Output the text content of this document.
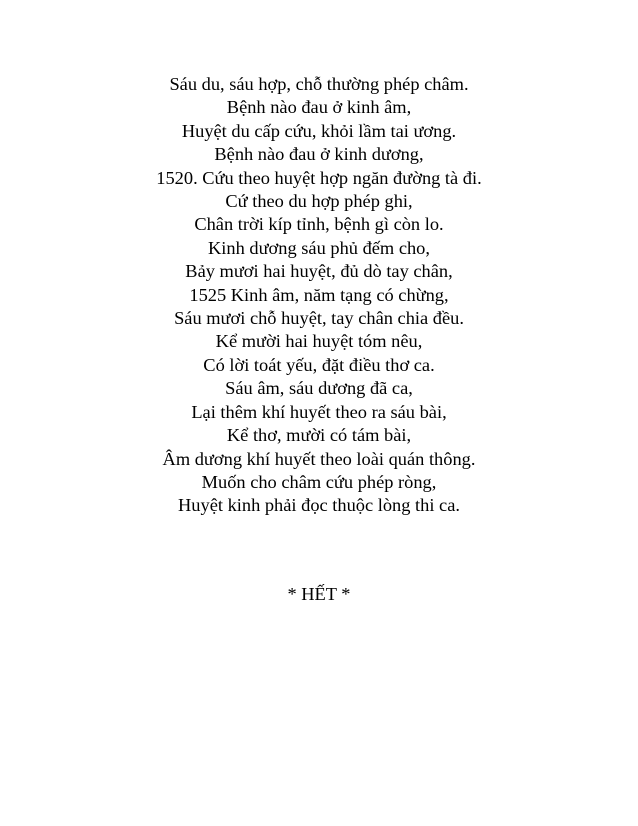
Sáu du, sáu hợp, chỗ thường phép châm.
Bệnh nào đau ở kinh âm,
Huyệt du cấp cứu, khỏi lầm tai ương.
Bệnh nào đau ở kinh dương,
1520. Cứu theo huyệt hợp ngăn đường tà đi.
Cứ theo du hợp phép ghi,
Chân trời kíp tỉnh, bệnh gì còn lo.
Kinh dương sáu phủ đếm cho,
Bảy mươi hai huyệt, đủ dò tay chân,
1525 Kinh âm, năm tạng có chừng,
Sáu mươi chỗ huyệt, tay chân chia đều.
Kể mười hai huyệt tóm nêu,
Có lời toát yếu, đặt điều thơ ca.
Sáu âm, sáu dương đã ca,
Lại thêm khí huyết theo ra sáu bài,
Kể thơ, mười có tám bài,
Âm dương khí huyết theo loài quán thông.
Muốn cho châm cứu phép ròng,
Huyệt kinh phải đọc thuộc lòng thi ca.
* HẾT *
